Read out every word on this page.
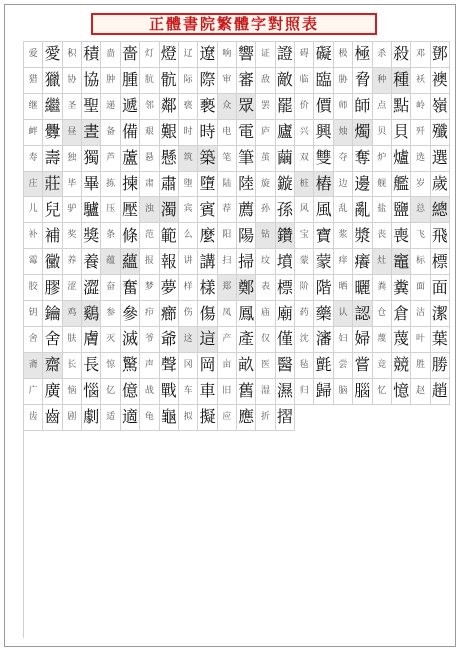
正體書院繁體字對照表
爱 愛 积 積 啬 嗇 灯 燈 辽 遼 响 響 证 證 碍 礙 极 極 杀 殺 邓 鄧
猎 獵 协 協 肿 腫 肮 骯 际 際 审 審 敌 敵 临 臨 胁 脅 种 種 袄 襖
继 繼 圣 聖 递 遞 邻 鄰 亵 褻 众 眾 罢 罷 价 價 师 師 点 點 岭 嶺
衅 釁 昼 晝 备 備 艰 艱 时 時 电 電 庐 廬 兴 興 烛 燭 贝 貝 歼 殲
寿 壽 独 獨 芦 蘆 悬 懸 筑 築 笔 筆 茧 繭 双 雙 夺 奪 炉 爐 选 選
庄 莊 毕 畢 拣 揀 肃 肅 堕 墮 陆 陸 旋 鏇 桩 樁 边 邊 舰 艦 岁 歲
儿 兒 驴 驢 压 壓 浊 濁 宾 賓 荐 薦 孙 孫 风 風 乱 亂 盐 鹽 总 總
补 補 奖 獎 条 條 范 範 么 麼 阳 陽 钻 鑽 宝 寶 浆 漿 丧 喪 飞 飛
霉 黴 养 養 蕴 蘊 报 報 讲 講 扫 掃 坟 墳 蒙 蒙 痒 癢 灶 竈 标 標
胶 膠 涩 澀 奋 奮 梦 夢 样 樣 郑 鄭 表 標 阶 階 晒 曬 粪 糞 面 面
钥 鑰 鸡 鷄 参 參 疖 癤 伤 傷 凤 鳳 庙 廟 药 藥 认 認 仓 倉 洁 潔
舍 舍 肤 膚 灭 滅 爷 爺 这 這 产 產 仅 僅 沈 瀋 妇 婦 蔑 蔑 叶 葉
斋 齋 长 長 惊 驚 声 聲 冈 岡 亩 畝 医 醫 毡 氈 尝 嘗 竞 競 胜 勝
广 廣 恼 惱 亿 億 战 戰 车 車 旧 舊 湿 濕 归 歸 脑 腦 忆 憶 赵 趙
齿 齒 剧 劇 适 適 龟 龜 拟 擬 应 應 折 摺
